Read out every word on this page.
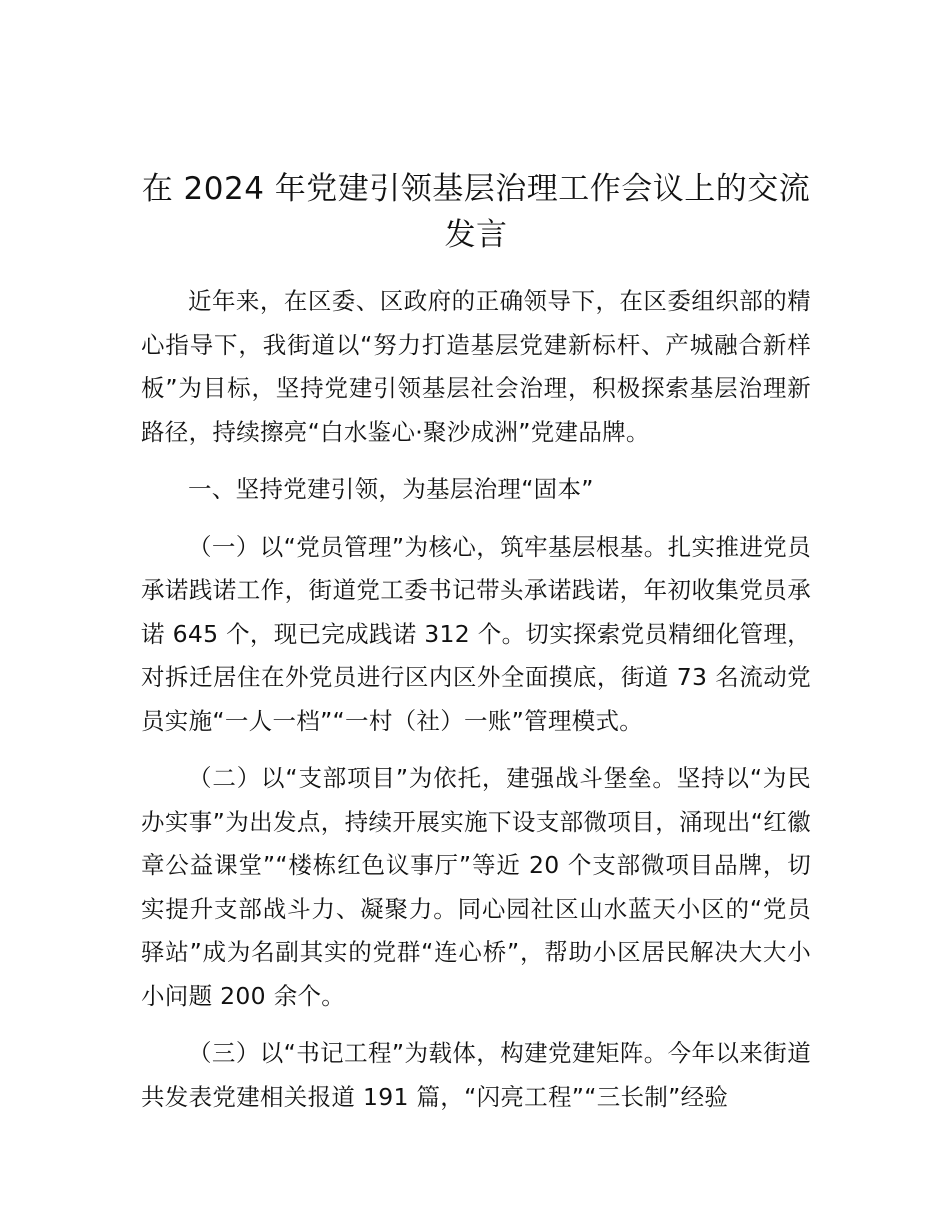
在 2024 年党建引领基层治理工作会议上的交流发言

近年来，在区委、区政府的正确领导下，在区委组织部的精心指导下，我街道以“努力打造基层党建新标杆、产城融合新样板”为目标，坚持党建引领基层社会治理，积极探索基层治理新路径，持续擦亮“白水鉴心·聚沙成洲”党建品牌。

一、坚持党建引领，为基层治理“固本”

（一）以“党员管理”为核心，筑牢基层根基。扎实推进党员承诺践诺工作，街道党工委书记带头承诺践诺，年初收集党员承诺 645 个，现已完成践诺 312 个。切实探索党员精细化管理，对拆迁居住在外党员进行区内区外全面摸底，街道 73 名流动党员实施“一人一档”“一村（社）一账”管理模式。

（二）以“支部项目”为依托，建强战斗堡垒。坚持以“为民办实事”为出发点，持续开展实施下设支部微项目，涌现出“红徽章公益课堂”“楼栋红色议事厅”等近 20 个支部微项目品牌，切实提升支部战斗力、凝聚力。同心园社区山水蓝天小区的“党员驿站”成为名副其实的党群“连心桥”，帮助小区居民解决大大小小问题 200 余个。

（三）以“书记工程”为载体，构建党建矩阵。今年以来街道共发表党建相关报道 191 篇，“闪亮工程”“三长制”经验
